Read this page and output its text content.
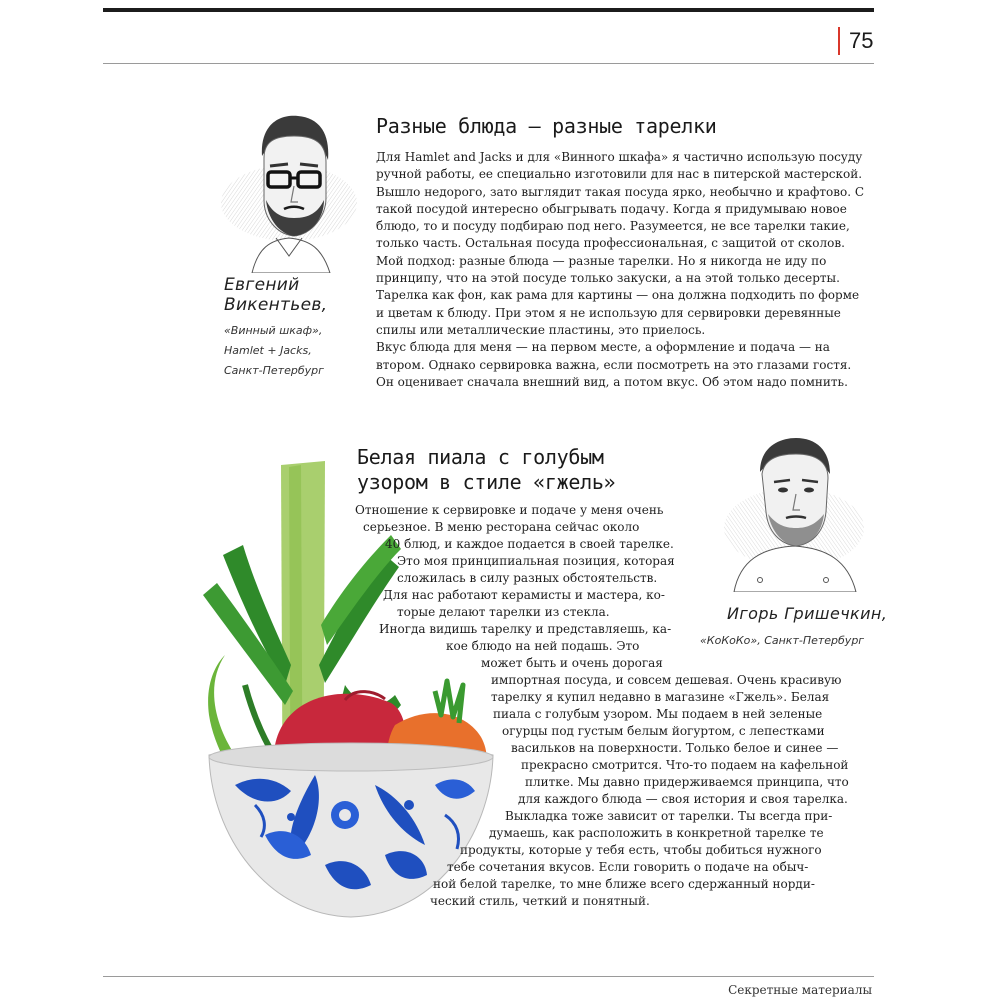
75
Евгений
Викентьев,
«Винный шкаф»,
Hamlet + Jacks,
Санкт-Петербург
Разные блюда — разные тарелки

Для Hamlet and Jacks и для «Винного шкафа» я частично использую посуду ручной работы, ее специально изготовили для нас в питерской мастерской. Вышло недорого, зато выглядит такая посуда ярко, необычно и крафтово. С такой посудой интересно обыгрывать подачу. Когда я придумываю новое блюдо, то и посуду подбираю под него. Разумеется, не все тарелки такие, только часть. Остальная посуда профессиональная, с защитой от сколов.

Мой подход: разные блюда — разные тарелки. Но я никогда не иду по принципу, что на этой посуде только закуски, а на этой только десерты. Тарелка как фон, как рама для картины — она должна подходить по форме и цветам к блюду. При этом я не использую для сервировки деревянные спилы или металлические пластины, это приелось.

Вкус блюда для меня — на первом месте, а оформление и подача — на втором. Однако сервировка важна, если посмотреть на это глазами гостя. Он оценивает сначала внешний вид, а потом вкус. Об этом надо помнить.

Белая пиала с голубым
узором в стиле «гжель»
Игорь Гришечкин,
«КоКоКо», Санкт-Петербург
Отношение к сервировке и подаче у меня очень
серьезное. В меню ресторана сейчас около
40 блюд, и каждое подается в своей тарелке.
Это моя принципиальная позиция, которая
сложилась в силу разных обстоятельств.
Для нас работают керамисты и мастера, ко-
торые делают тарелки из стекла.
Иногда видишь тарелку и представляешь, ка-
кое блюдо на ней подашь. Это
может быть и очень дорогая
импортная посуда, и совсем дешевая. Очень красивую
тарелку я купил недавно в магазине «Гжель». Белая
пиала с голубым узором. Мы подаем в ней зеленые
огурцы под густым белым йогуртом, с лепестками
васильков на поверхности. Только белое и синее —
прекрасно смотрится. Что-то подаем на кафельной
плитке. Мы давно придерживаемся принципа, что
для каждого блюда — своя история и своя тарелка.
Выкладка тоже зависит от тарелки. Ты всегда при-
думаешь, как расположить в конкретной тарелке те
продукты, которые у тебя есть, чтобы добиться нужного
тебе сочетания вкусов. Если говорить о подаче на обыч-
ной белой тарелке, то мне ближе всего сдержанный норди-
ческий стиль, четкий и понятный.
Секретные материалы
